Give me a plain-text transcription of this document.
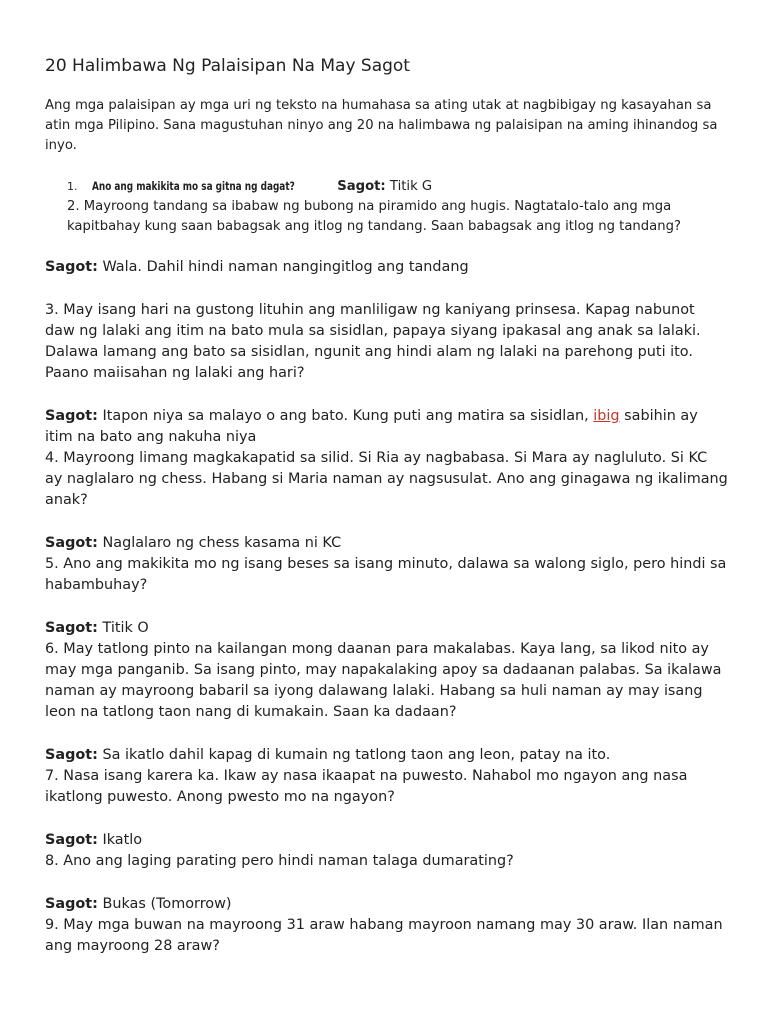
20 Halimbawa Ng Palaisipan Na May Sagot

Ang mga palaisipan ay mga uri ng teksto na humahasa sa ating utak at nagbibigay ng kasayahan sa atin mga Pilipino. Sana magustuhan ninyo ang 20 na halimbawa ng palaisipan na aming ihinandog sa inyo.

1. Ano ang makikita mo sa gitna ng dagat?	Sagot: Titik G
2. Mayroong tandang sa ibabaw ng bubong na piramido ang hugis. Nagtatalo-talo ang mga kapitbahay kung saan babagsak ang itlog ng tandang. Saan babagsak ang itlog ng tandang?

Sagot: Wala. Dahil hindi naman nangingitlog ang tandang

3. May isang hari na gustong lituhin ang manliligaw ng kaniyang prinsesa. Kapag nabunot daw ng lalaki ang itim na bato mula sa sisidlan, papaya siyang ipakasal ang anak sa lalaki. Dalawa lamang ang bato sa sisidlan, ngunit ang hindi alam ng lalaki na parehong puti ito. Paano maiisahan ng lalaki ang hari?

Sagot: Itapon niya sa malayo o ang bato. Kung puti ang matira sa sisidlan, ibig sabihin ay itim na bato ang nakuha niya

4. Mayroong limang magkakapatid sa silid. Si Ria ay nagbabasa. Si Mara ay nagluluto. Si KC ay naglalaro ng chess. Habang si Maria naman ay nagsusulat. Ano ang ginagawa ng ikalimang anak?

Sagot: Naglalaro ng chess kasama ni KC

5. Ano ang makikita mo ng isang beses sa isang minuto, dalawa sa walong siglo, pero hindi sa habambuhay?

Sagot: Titik O

6. May tatlong pinto na kailangan mong daanan para makalabas. Kaya lang, sa likod nito ay may mga panganib. Sa isang pinto, may napakalaking apoy sa dadaanan palabas. Sa ikalawa naman ay mayroong babaril sa iyong dalawang lalaki. Habang sa huli naman ay may isang leon na tatlong taon nang di kumakain. Saan ka dadaan?

Sagot: Sa ikatlo dahil kapag di kumain ng tatlong taon ang leon, patay na ito.

7. Nasa isang karera ka. Ikaw ay nasa ikaapat na puwesto. Nahabol mo ngayon ang nasa ikatlong puwesto. Anong pwesto mo na ngayon?

Sagot: Ikatlo

8. Ano ang laging parating pero hindi naman talaga dumarating?

Sagot: Bukas (Tomorrow)

9. May mga buwan na mayroong 31 araw habang mayroon namang may 30 araw. Ilan naman ang mayroong 28 araw?
